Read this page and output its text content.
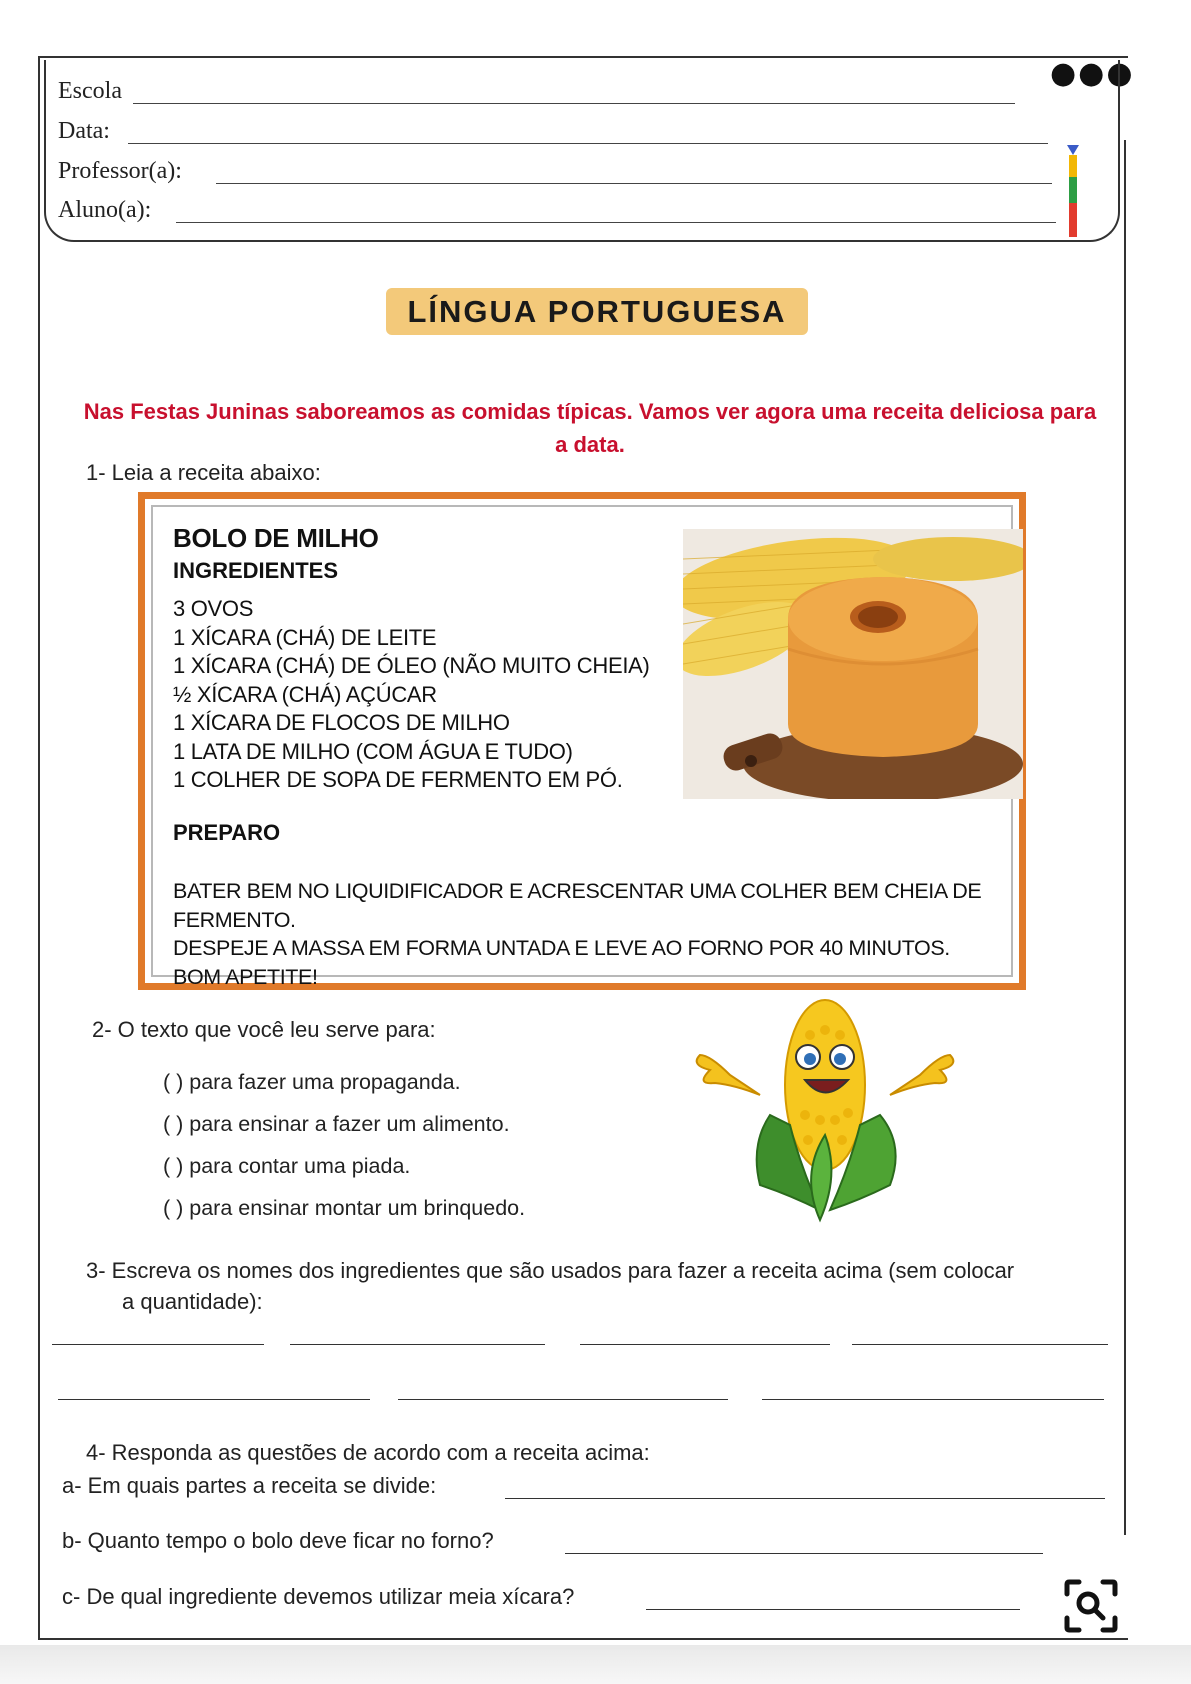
●●●
Escola
Data:
Professor(a):
Aluno(a):
LÍNGUA PORTUGUESA
Nas Festas Juninas saboreamos as comidas típicas. Vamos ver agora uma receita deliciosa para a data.
1- Leia a receita abaixo:
BOLO DE MILHO
INGREDIENTES
3 OVOS
1 XÍCARA (CHÁ) DE LEITE
1 XÍCARA (CHÁ) DE ÓLEO (NÃO MUITO CHEIA)
½ XÍCARA (CHÁ) AÇÚCAR
1 XÍCARA DE FLOCOS DE MILHO
1 LATA DE MILHO (COM ÁGUA E TUDO)
1 COLHER DE SOPA DE FERMENTO EM PÓ.
PREPARO
BATER BEM NO LIQUIDIFICADOR E ACRESCENTAR UMA COLHER BEM CHEIA DE FERMENTO.
DESPEJE A MASSA EM FORMA UNTADA E LEVE AO FORNO POR 40 MINUTOS.
BOM APETITE!
2- O texto que você leu serve para:
( ) para fazer uma propaganda.
( ) para ensinar a fazer um alimento.
( ) para contar uma piada.
( ) para ensinar montar um brinquedo.
3- Escreva os nomes dos ingredientes que são usados para fazer a receita acima (sem colocar
a quantidade):
4- Responda as questões de acordo com a receita acima:
a- Em quais partes a receita se divide:
b- Quanto tempo o bolo deve ficar no forno?
c- De qual ingrediente devemos utilizar meia xícara?
